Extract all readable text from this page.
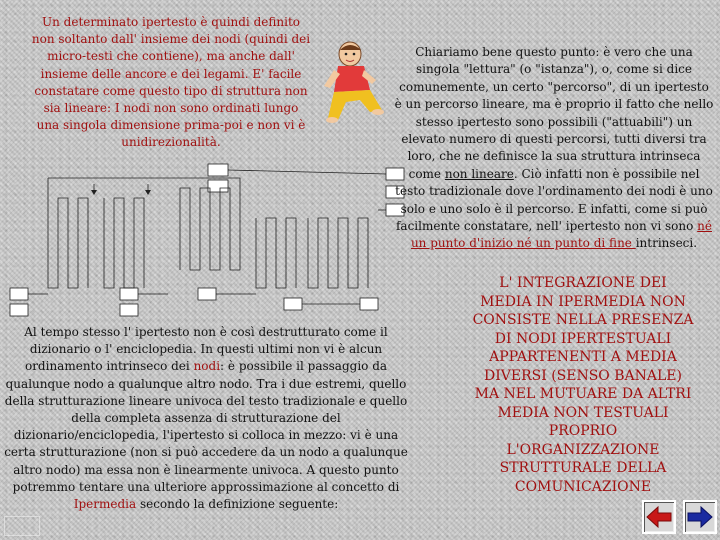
Un determinato ipertesto è quindi definito
non soltanto dall' insieme dei nodi (quindi dei
micro-testi che contiene), ma anche dall'
insieme delle ancore e dei legami. E' facile
constatare come questo tipo di struttura non
sia lineare: I nodi non sono ordinati lungo
una singola dimensione prima-poi e non vi è
unidirezionalità.
Chiariamo bene questo punto: è vero che una
singola "lettura" (o "istanza"), o, come si dice
comunemente, un certo "percorso", di un ipertesto
è un percorso lineare, ma è proprio il fatto che nello
stesso ipertesto sono possibili ("attuabili") un
elevato numero di questi percorsi, tutti diversi tra
loro, che ne definisce la sua struttura intrinseca
come non lineare. Ciò infatti non è possibile nel
testo tradizionale dove l'ordinamento dei nodi è uno
solo e uno solo è il percorso. E infatti, come si può
facilmente constatare, nell' ipertesto non vi sono né
un punto d'inizio né un punto di fine intrinseci.
Al tempo stesso l' ipertesto non è così destrutturato come il
dizionario o l' enciclopedia. In questi ultimi non vi è alcun
ordinamento intrinseco dei nodi: è possibile il passaggio da
qualunque nodo a qualunque altro nodo. Tra i due estremi, quello
della strutturazione lineare univoca del testo tradizionale e quello
della completa assenza di strutturazione del
dizionario/enciclopedia, l'ipertesto si colloca in mezzo: vi è una
certa strutturazione (non si può accedere da un nodo a qualunque
altro nodo) ma essa non è linearmente univoca. A questo punto
potremmo tentare una ulteriore approssimazione al concetto di
Ipermedia secondo la definizione seguente:
L' INTEGRAZIONE DEI
MEDIA IN IPERMEDIA NON
CONSISTE NELLA PRESENZA
DI NODI IPERTESTUALI
APPARTENENTI A MEDIA
DIVERSI (SENSO BANALE)
MA NEL MUTUARE DA ALTRI
MEDIA NON TESTUALI
PROPRIO
L'ORGANIZZAZIONE
STRUTTURALE DELLA
COMUNICAZIONE
